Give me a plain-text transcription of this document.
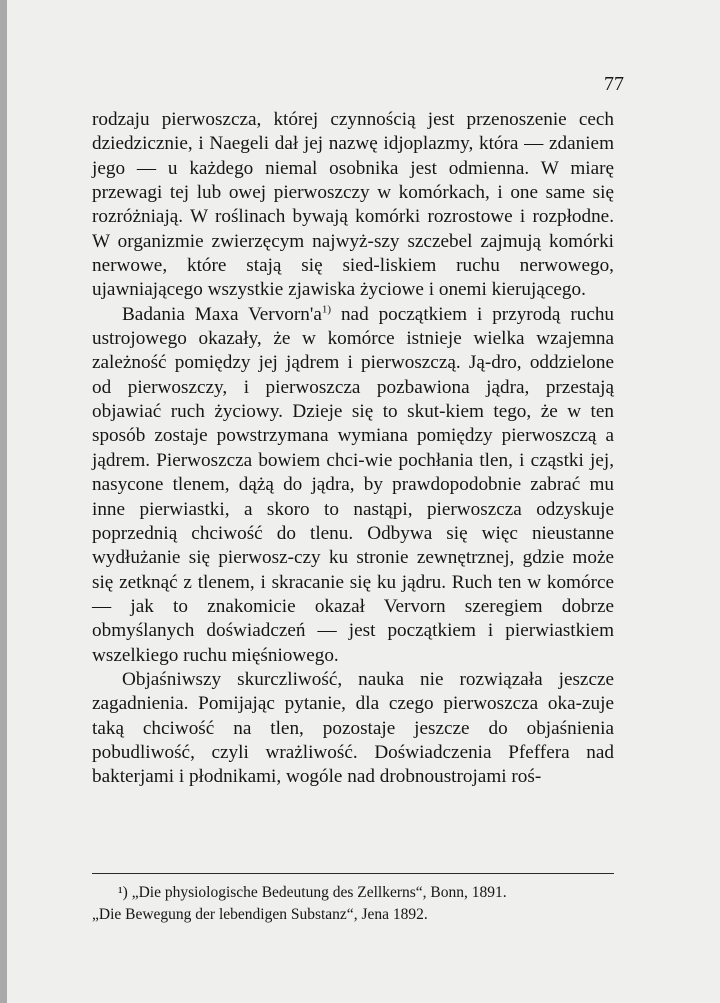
77

rodzaju pierwoszcza, której czynnością jest przenoszenie cech dziedzicznie, i Naegeli dał jej nazwę idjoplazmy, która — zdaniem jego — u każdego niemal osobnika jest odmienna. W miarę przewagi tej lub owej pierwoszczy w komórkach, i one same się rozróżniają. W roślinach bywają komórki rozrostowe i rozpłodne. W organizmie zwierzęcym najwyż-szy szczebel zajmują komórki nerwowe, które stają się sied-liskiem ruchu nerwowego, ujawniającego wszystkie zjawiska życiowe i onemi kierującego.

Badania Maxa $Vervorn'a^{1)}$ nad początkiem i przyrodą ruchu ustrojowego okazały, że w komórce istnieje wielka wzajemna zależność pomiędzy jej jądrem i pierwoszczą. Ją-dro, oddzielone od pierwoszczy, i pierwoszcza pozbawiona jądra, przestają objawiać ruch życiowy. Dzieje się to skut-kiem tego, że w ten sposób zostaje powstrzymana wymiana pomiędzy pierwoszczą a jądrem. Pierwoszcza bowiem chci-wie pochłania tlen, i cząstki jej, nasycone tlenem, dążą do jądra, by prawdopodobnie zabrać mu inne pierwiastki, a skoro to nastąpi, pierwoszcza odzyskuje poprzednią chciwość do tlenu. Odbywa się więc nieustanne wydłużanie się pierwosz-czy ku stronie zewnętrznej, gdzie może się zetknąć z tlenem, i skracanie się ku jądru. Ruch ten w komórce — jak to znakomicie okazał Vervorn szeregiem dobrze obmyślanych doświadczeń — jest początkiem i pierwiastkiem wszelkiego ruchu mięśniowego.

Objaśniwszy skurczliwość, nauka nie rozwiązała jeszcze zagadnienia. Pomijając pytanie, dla czego pierwoszcza oka-zuje taką chciwość na tlen, pozostaje jeszcze do objaśnienia pobudliwość, czyli wrażliwość. Doświadczenia Pfeffera nad bakterjami i płodnikami, wogóle nad drobnoustrojami roś-

¹) „Die physiologische Bedeutung des Zellkerns“, Bonn, 1891.
„Die Bewegung der lebendigen Substanz“, Jena 1892.
